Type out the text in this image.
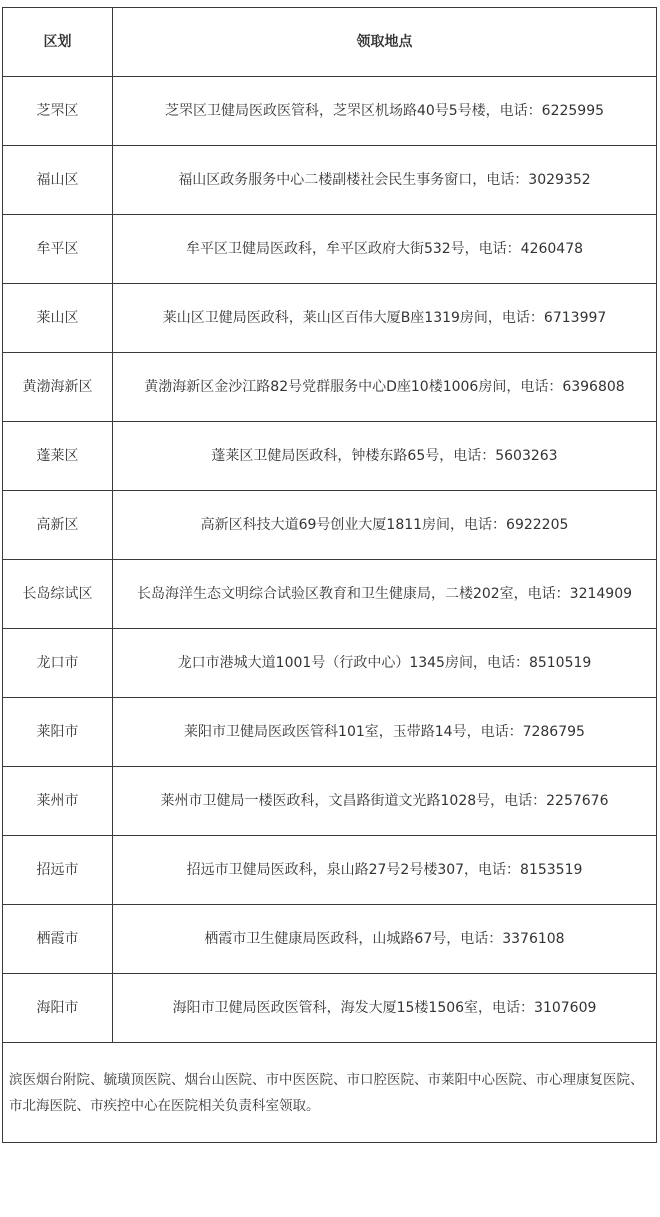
区划	领取地点
芝罘区	芝罘区卫健局医政医管科，芝罘区机场路40号5号楼，电话：6225995
福山区	福山区政务服务中心二楼副楼社会民生事务窗口，电话：3029352
牟平区	牟平区卫健局医政科，牟平区政府大街532号，电话：4260478
莱山区	莱山区卫健局医政科，莱山区百伟大厦B座1319房间，电话：6713997
黄渤海新区	黄渤海新区金沙江路82号党群服务中心D座10楼1006房间，电话：6396808
蓬莱区	蓬莱区卫健局医政科，钟楼东路65号，电话：5603263
高新区	高新区科技大道69号创业大厦1811房间，电话：6922205
长岛综试区	长岛海洋生态文明综合试验区教育和卫生健康局，二楼202室，电话：3214909
龙口市	龙口市港城大道1001号（行政中心）1345房间，电话：8510519
莱阳市	莱阳市卫健局医政医管科101室，玉带路14号，电话：7286795
莱州市	莱州市卫健局一楼医政科，文昌路街道文光路1028号，电话：2257676
招远市	招远市卫健局医政科，泉山路27号2号楼307，电话：8153519
栖霞市	栖霞市卫生健康局医政科，山城路67号，电话：3376108
海阳市	海阳市卫健局医政医管科，海发大厦15楼1506室，电话：3107609
滨医烟台附院、毓璜顶医院、烟台山医院、市中医医院、市口腔医院、市莱阳中心医院、市心理康复医院、市北海医院、市疾控中心在医院相关负责科室领取。	
